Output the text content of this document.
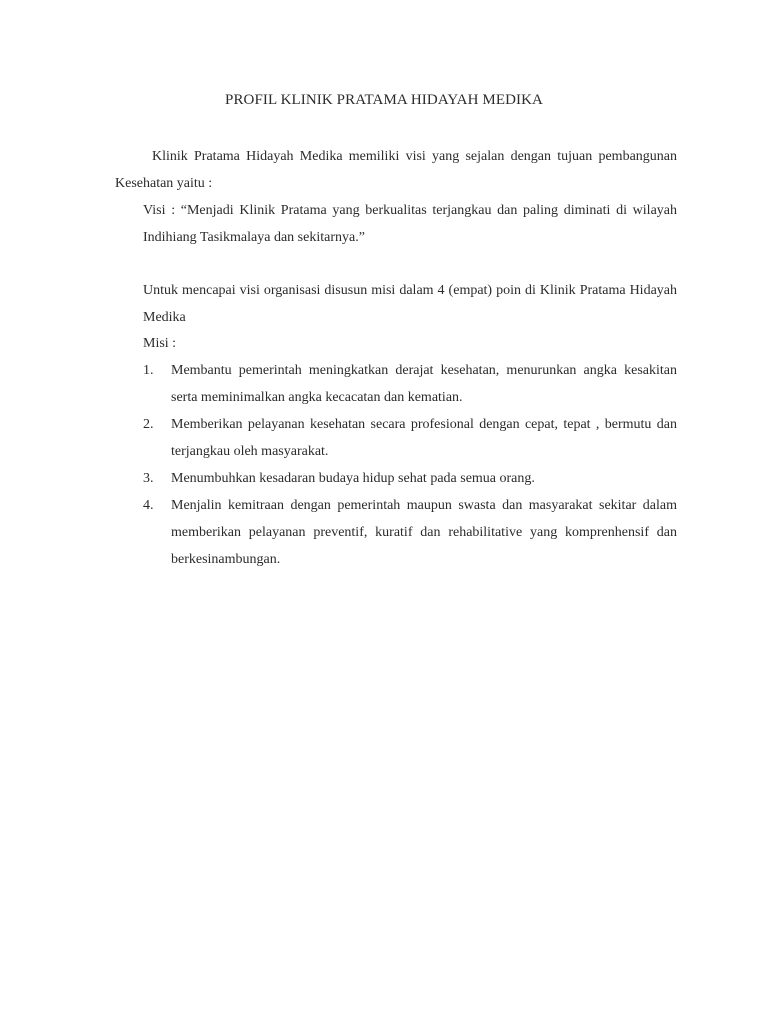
PROFIL KLINIK PRATAMA HIDAYAH MEDIKA
Klinik Pratama Hidayah Medika memiliki visi yang sejalan dengan tujuan pembangunan Kesehatan yaitu :
Visi : “Menjadi Klinik Pratama yang berkualitas terjangkau dan paling diminati di wilayah Indihiang Tasikmalaya dan sekitarnya.”
Untuk mencapai visi organisasi disusun misi dalam 4 (empat) poin di Klinik Pratama Hidayah Medika
Misi :
1.	Membantu pemerintah meningkatkan derajat kesehatan, menurunkan angka kesakitan serta meminimalkan angka kecacatan dan kematian.
2.	Memberikan pelayanan kesehatan secara profesional dengan cepat, tepat , bermutu dan terjangkau oleh masyarakat.
3.	Menumbuhkan kesadaran budaya hidup sehat pada semua orang.
4.	Menjalin kemitraan dengan pemerintah maupun swasta dan masyarakat sekitar dalam memberikan pelayanan preventif, kuratif dan rehabilitative yang komprenhensif dan berkesinambungan.
